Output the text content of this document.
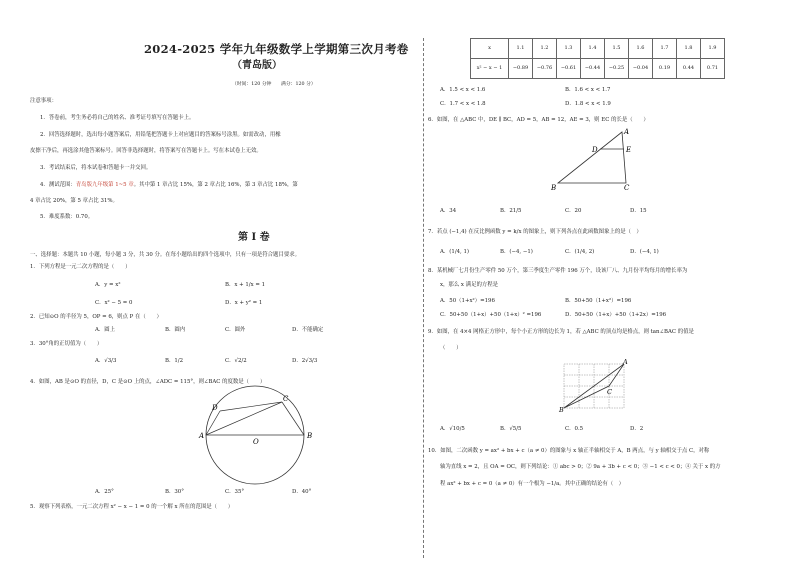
2024-2025 学年九年级数学上学期第三次月考卷
（青岛版）
（时间：120 分钟　　满分：120 分）
注意事项：
1．答卷前，考生务必将自己的姓名、准考证号填写在答题卡上。
2．回答选择题时，选出每小题答案后，用铅笔把答题卡上对应题目的答案标号涂黑。如需改动，用橡
皮擦干净后，再选涂其他答案标号。回答非选择题时，将答案写在答题卡上。写在本试卷上无效。
3．考试结束后，将本试卷和答题卡一并交回。
4．测试范围：青岛版九年级第 1~5 章。其中第 1 章占比 15%，第 2 章占比 16%，第 3 章占比 18%，第
4 章占比 20%，第 5 章占比 31%。
5．难度系数：0.70。
第 I 卷
一、选择题：本题共 10 小题，每小题 3 分，共 30 分。在每小题给出的四个选项中，只有一项是符合题目要求。
1．下列方程是一元二次方程的是（　　）
A．y = x²	B．x + 1/x = 1
C．x² − 5 = 0	D．x + y² = 1
2．已知⊙O 的半径为 5，OP = 6，则点 P 在（　　）
A．圆上	B．圆内	C．圆外	D．不能确定
3．30°角的正切值为（　　）
A．√3/3	B．1/2	C．√2/2	D．2√3/3
4．如图，AB 是⊙O 的直径，D，C 是⊙O 上的点，∠ADC = 115°，则∠BAC 的度数是（　　）
A	B
C
D
O
A．25°	B．30°	C．35°	D．40°
5．观察下列表格，一元二次方程 x² − x − 1 = 0 的一个解 x 所在的范围是（　　）
x	1.1	1.2	1.3	1.4	1.5	1.6	1.7	1.8	1.9
x² − x − 1	−0.89	−0.76	−0.61	−0.44	−0.25	−0.04	0.19	0.44	0.71
A．1.5 < x < 1.6	B．1.6 < x < 1.7
C．1.7 < x < 1.8	D．1.8 < x < 1.9
6．如图，在 △ABC 中，DE ∥ BC，AD = 5，AB = 12，AE = 3，则 EC 的长是（　　）
A
B	C
D	E
A．34	B．21/5	C．20	D．15
7．若点 (−1,4) 在反比例函数 y = k/x 的图象上，则下列各点在此函数图象上的是（　）
A．(1/4, 1)	B．(−4, −1)	C．(1/4, 2)	D．(−4, 1)
8．某机械厂七月份生产零件 50 万个，第三季度生产零件 196 万个，设该厂八、九月份平均每月的增长率为
x，那么 x 满足的方程是
A．50（1+x²）=196	B．50+50（1+x²）=196
C．50+50（1+x）+50（1+x）² =196	D．50+50（1+x）+50（1+2x）=196
9．如图，在 4×4 网格正方形中，每个小正方形的边长为 1，若 △ABC 的顶点均是格点，则 tan∠BAC 的值是
（　　）
A
B
C
A．√10/5	B．√5/5	C．0.5	D．2
10．如图，二次函数 y = ax² + bx + c（a ≠ 0）的图象与 x 轴正半轴相交于 A，B 两点，与 y 轴相交于点 C，对称
轴为直线 x = 2，且 OA = OC，则下列结论：① abc > 0；② 9a + 3b + c < 0；③ −1 < c < 0；④ 关于 x 的方
程 ax² + bx + c = 0（a ≠ 0）有一个根为 −1/a。其中正确的结论有（　）
